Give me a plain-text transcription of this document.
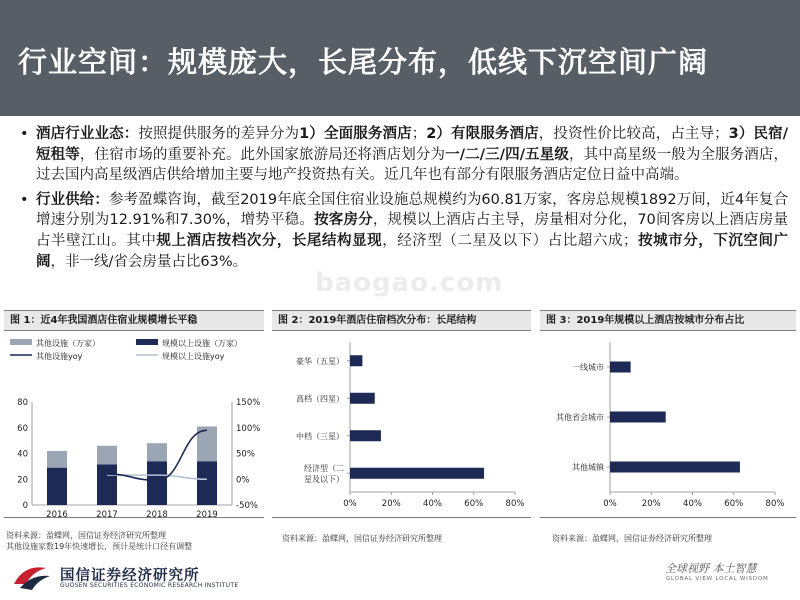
行业空间：规模庞大，长尾分布，低线下沉空间广阔
• 酒店行业业态：按照提供服务的差异分为1）全面服务酒店；2）有限服务酒店，投资性价比较高，占主导；3）民宿/短租等，住宿市场的重要补充。此外国家旅游局还将酒店划分为一/二/三/四/五星级，其中高星级一般为全服务酒店，过去国内高星级酒店供给增加主要与地产投资热有关。近几年也有部分有限服务酒店定位日益中高端。
• 行业供给：参考盈蝶咨询，截至2019年底全国住宿业设施总规模约为60.81万家，客房总规模1892万间，近4年复合增速分别为12.91%和7.30%，增势平稳。按客房分，规模以上酒店占主导，房量相对分化，70间客房以上酒店房量占半壁江山。其中规上酒店按档次分，长尾结构显现，经济型（二星及以下）占比超六成；按城市分，下沉空间广阔，非一线/省会房量占比63%。
baogao.com
图 1：近4年我国酒店住宿业规模增长平稳
其他设施（万家）	规模以上设施（万家）
其他设施yoy	规模以上设施yoy
0
20
40
60
80
-50%
0%
50%
100%
150%
2016	2017	2018	2019
资料来源：盈蝶网，国信证券经济研究所整理
其他设施家数19年快速增长，预计是统计口径有调整
图 2：2019年酒店住宿档次分布：长尾结构
0%	20%	40%	60%	80%
豪华（五星）
高档（四星）
中档（三星）
经济型（二
星及以下）
资料来源：盈蝶网，国信证券经济研究所整理
图 3：2019年规模以上酒店按城市分布占比
0%	20%	40%	60%	80%
一线城市
其他省会城市
其他城镇
资料来源：盈蝶网，国信证券经济研究所整理
国信证券经济研究所
GUOSEN SECURITIES ECONOMIC RESEARCH INSTITUTE
全球视野 本土智慧
GLOBAL VIEW LOCAL WISDOM
